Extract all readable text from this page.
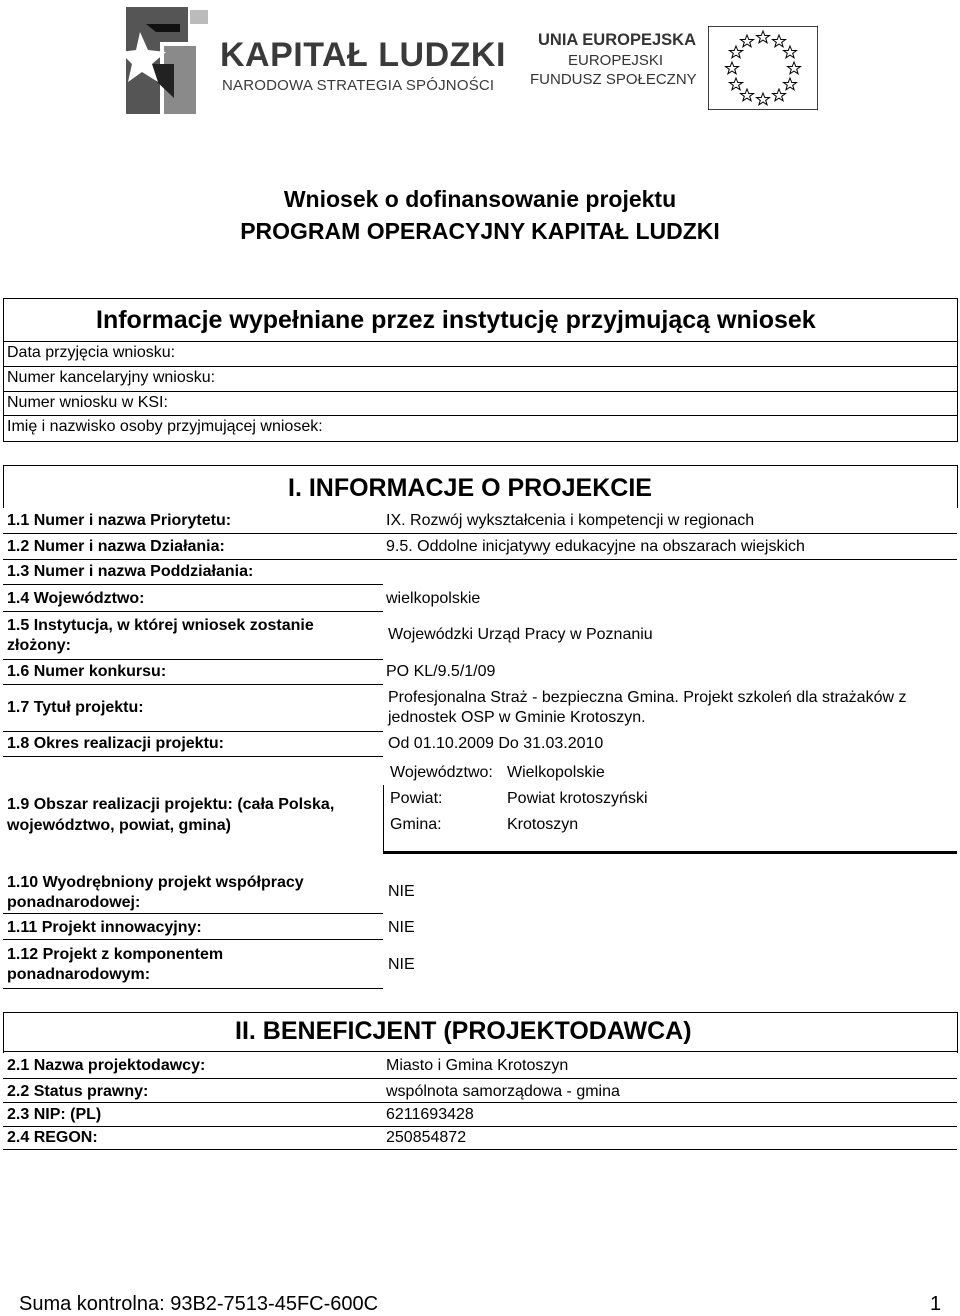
KAPITAŁ LUDZKI
NARODOWA STRATEGIA SPÓJNOŚCI
UNIA EUROPEJSKA
EUROPEJSKI
FUNDUSZ SPOŁECZNY
Wniosek o dofinansowanie projektu
PROGRAM OPERACYJNY KAPITAŁ LUDZKI
Informacje wypełniane przez instytucję przyjmującą wniosek
Data przyjęcia wniosku:
Numer kancelaryjny wniosku:
Numer wniosku w KSI:
Imię i nazwisko osoby przyjmującej wniosek:
I. INFORMACJE O PROJEKCIE
1.1 Numer i nazwa Priorytetu:	IX. Rozwój wykształcenia i kompetencji w regionach
1.2 Numer i nazwa Działania:	9.5. Oddolne inicjatywy edukacyjne na obszarach wiejskich
1.3 Numer i nazwa Poddziałania:
1.4 Województwo:	wielkopolskie
1.5 Instytucja, w której wniosek zostanie złożony:
Wojewódzki Urząd Pracy w Poznaniu
1.6 Numer konkursu:	PO KL/9.5/1/09
1.7 Tytuł projektu:
Profesjonalna Straż - bezpieczna Gmina. Projekt szkoleń dla strażaków z jednostek OSP w Gminie Krotoszyn.
1.8 Okres realizacji projektu:	Od 01.10.2009 Do 31.03.2010
1.9 Obszar realizacji projektu: (cała Polska, województwo, powiat, gmina)
Województwo: Wielkopolskie
Powiat:	Powiat krotoszyński
Gmina:	Krotoszyn
1.10 Wyodrębniony projekt współpracy ponadnarodowej:
NIE
1.11 Projekt innowacyjny:	NIE
1.12 Projekt z komponentem ponadnarodowym:
NIE
II. BENEFICJENT (PROJEKTODAWCA)
2.1 Nazwa projektodawcy:	Miasto i Gmina Krotoszyn
2.2 Status prawny:	wspólnota samorządowa - gmina
2.3 NIP: (PL)	6211693428
2.4 REGON:	250854872
Suma kontrolna: 93B2-7513-45FC-600C	1
